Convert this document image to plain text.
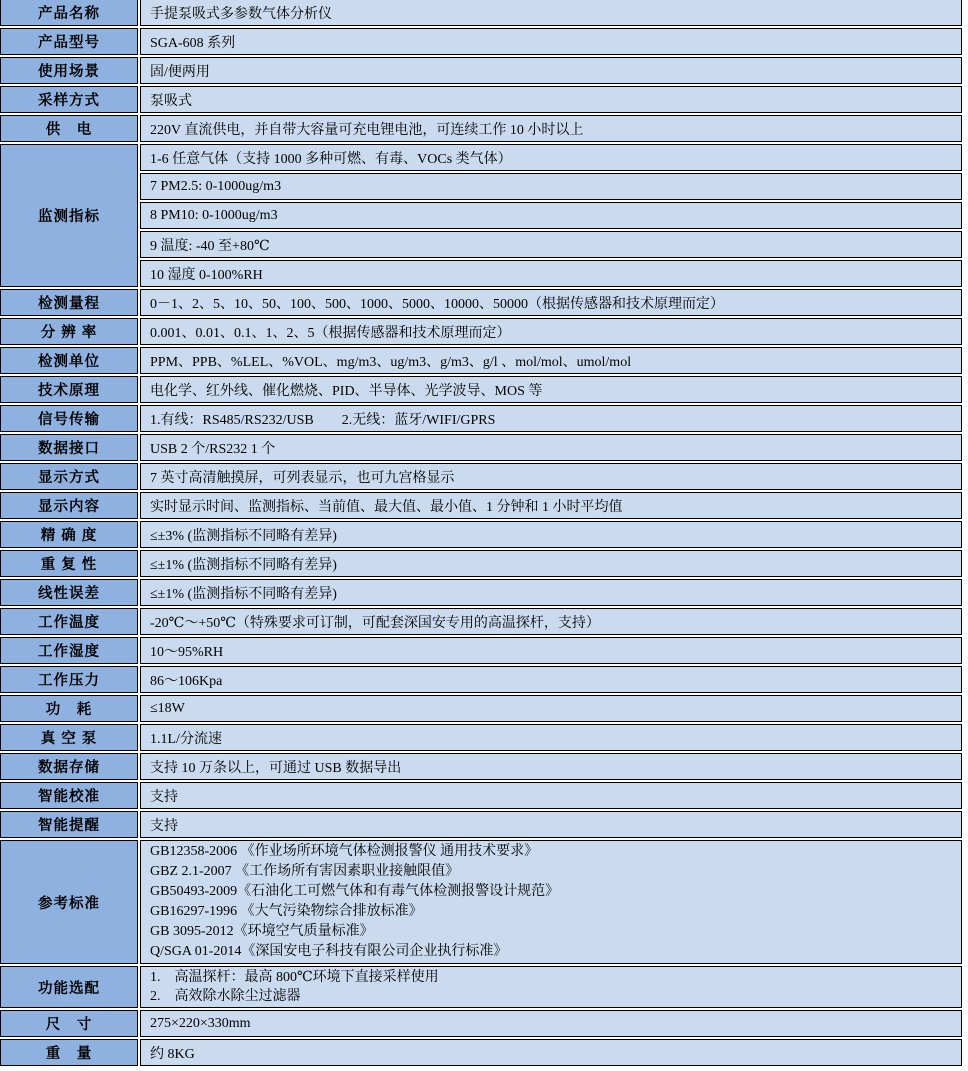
产品名称	手提泵吸式多参数气体分析仪
产品型号	SGA-608 系列
使用场景	固/便两用
采样方式	泵吸式
供　电	220V 直流供电，并自带大容量可充电锂电池，可连续工作 10 小时以上
监测指标	1-6 任意气体（支持 1000 多种可燃、有毒、VOCs 类气体）
	7 PM2.5: 0-1000ug/m3
	8 PM10: 0-1000ug/m3
	9 温度: -40 至+80℃
	10 湿度 0-100%RH
检测量程	0－1、2、5、10、50、100、500、1000、5000、10000、50000（根据传感器和技术原理而定）
分 辨 率	0.001、0.01、0.1、1、2、5（根据传感器和技术原理而定）
检测单位	PPM、PPB、%LEL、%VOL、mg/m3、ug/m3、g/m3、g/l 、mol/mol、umol/mol
技术原理	电化学、红外线、催化燃烧、PID、半导体、光学波导、MOS 等
信号传输	1.有线：RS485/RS232/USB　　2.无线：蓝牙/WIFI/GPRS
数据接口	USB 2 个/RS232 1 个
显示方式	7 英寸高清触摸屏，可列表显示，也可九宫格显示
显示内容	实时显示时间、监测指标、当前值、最大值、最小值、1 分钟和 1 小时平均值
精 确 度	≤±3% (监测指标不同略有差异)
重 复 性	≤±1% (监测指标不同略有差异)
线性误差	≤±1% (监测指标不同略有差异)
工作温度	-20℃～+50℃（特殊要求可订制，可配套深国安专用的高温探杆，支持）
工作湿度	10～95%RH
工作压力	86～106Kpa
功　耗	≤18W
真 空 泵	1.1L/分流速
数据存储	支持 10 万条以上，可通过 USB 数据导出
智能校准	支持
智能提醒	支持
参考标准	
GB12358-2006 《作业场所环境气体检测报警仪 通用技术要求》
GBZ 2.1-2007 《工作场所有害因素职业接触限值》
GB50493-2009《石油化工可燃气体和有毒气体检测报警设计规范》
GB16297-1996 《大气污染物综合排放标准》
GB 3095-2012《环境空气质量标准》
Q/SGA 01-2014《深国安电子科技有限公司企业执行标准》

功能选配	1.　高温探杆：最高 800℃环境下直接采样使用
2.　高效除水除尘过滤器

尺　寸	275×220×330mm
重　量	约 8KG
